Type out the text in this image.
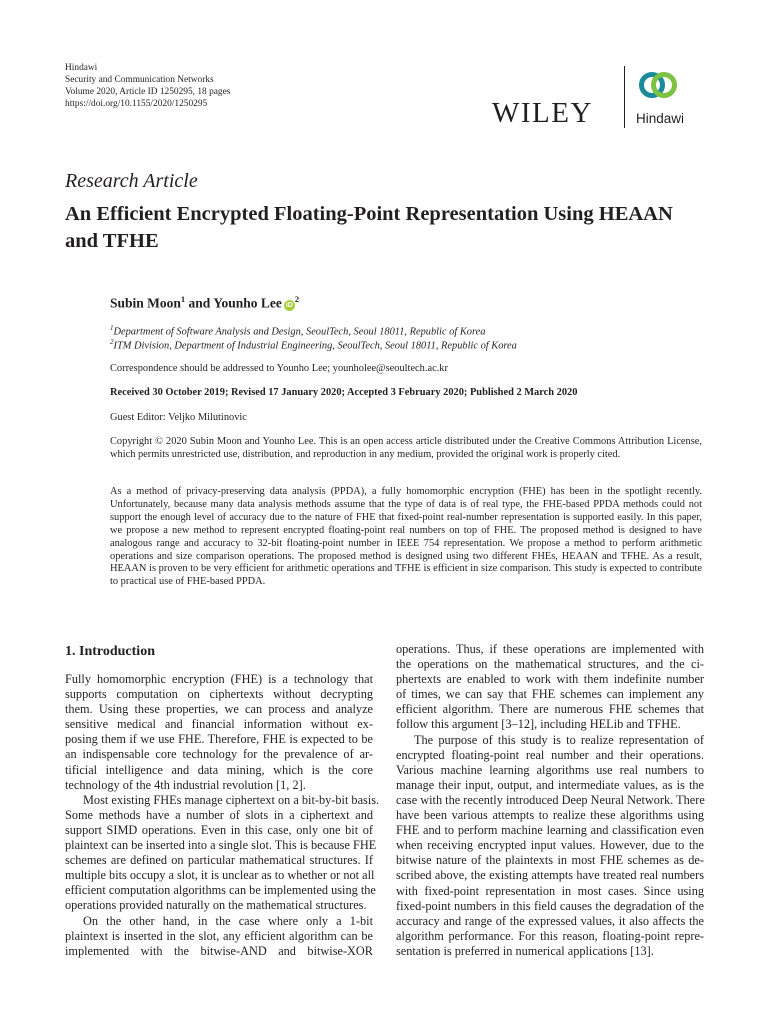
Hindawi
Security and Communication Networks
Volume 2020, Article ID 1250295, 18 pages
https://doi.org/10.1155/2020/1250295	WILEY	Hindawi
Research Article
An Efficient Encrypted Floating-Point Representation Using HEAAN and TFHE
Subin Moon$^1$ and Younho Lee $iD^2$
$^1$Department of Software Analysis and Design, SeoulTech, Seoul 18011, Republic of Korea
$^2$ITM Division, Department of Industrial Engineering, SeoulTech, Seoul 18011, Republic of Korea
Correspondence should be addressed to Younho Lee; younholee@seoultech.ac.kr
Received 30 October 2019; Revised 17 January 2020; Accepted 3 February 2020; Published 2 March 2020
Guest Editor: Veljko Milutinovic
Copyright © 2020 Subin Moon and Younho Lee. This is an open access article distributed under the Creative Commons Attribution License, which permits unrestricted use, distribution, and reproduction in any medium, provided the original work is properly cited.
As a method of privacy-preserving data analysis (PPDA), a fully homomorphic encryption (FHE) has been in the spotlight recently. Unfortunately, because many data analysis methods assume that the type of data is of real type, the FHE-based PPDA methods could not support the enough level of accuracy due to the nature of FHE that fixed-point real-number representation is supported easily. In this paper, we propose a new method to represent encrypted floating-point real numbers on top of FHE. The proposed method is designed to have analogous range and accuracy to 32-bit floating-point number in IEEE 754 representation. We propose a method to perform arithmetic operations and size comparison operations. The proposed method is designed using two different FHEs, HEAAN and TFHE. As a result, HEAAN is proven to be very efficient for arithmetic operations and TFHE is efficient in size comparison. This study is expected to contribute to practical use of FHE-based PPDA.
1. Introduction
Fully homomorphic encryption (FHE) is a technology that
supports computation on ciphertexts without decrypting
them. Using these properties, we can process and analyze
sensitive medical and financial information without ex-
posing them if we use FHE. Therefore, FHE is expected to be
an indispensable core technology for the prevalence of ar-
tificial intelligence and data mining, which is the core
technology of the 4th industrial revolution [1, 2].
Most existing FHEs manage ciphertext on a bit-by-bit basis.
Some methods have a number of slots in a ciphertext and
support SIMD operations. Even in this case, only one bit of
plaintext can be inserted into a single slot. This is because FHE
schemes are defined on particular mathematical structures. If
multiple bits occupy a slot, it is unclear as to whether or not all
efficient computation algorithms can be implemented using the
operations provided naturally on the mathematical structures.
On the other hand, in the case where only a 1-bit
plaintext is inserted in the slot, any efficient algorithm can be
implemented with the bitwise-AND and bitwise-XOR
operations. Thus, if these operations are implemented with
the operations on the mathematical structures, and the ci-
phertexts are enabled to work with them indefinite number
of times, we can say that FHE schemes can implement any
efficient algorithm. There are numerous FHE schemes that
follow this argument [3–12], including HELib and TFHE.
The purpose of this study is to realize representation of
encrypted floating-point real number and their operations.
Various machine learning algorithms use real numbers to
manage their input, output, and intermediate values, as is the
case with the recently introduced Deep Neural Network. There
have been various attempts to realize these algorithms using
FHE and to perform machine learning and classification even
when receiving encrypted input values. However, due to the
bitwise nature of the plaintexts in most FHE schemes as de-
scribed above, the existing attempts have treated real numbers
with fixed-point representation in most cases. Since using
fixed-point numbers in this field causes the degradation of the
accuracy and range of the expressed values, it also affects the
algorithm performance. For this reason, floating-point repre-
sentation is preferred in numerical applications [13].
